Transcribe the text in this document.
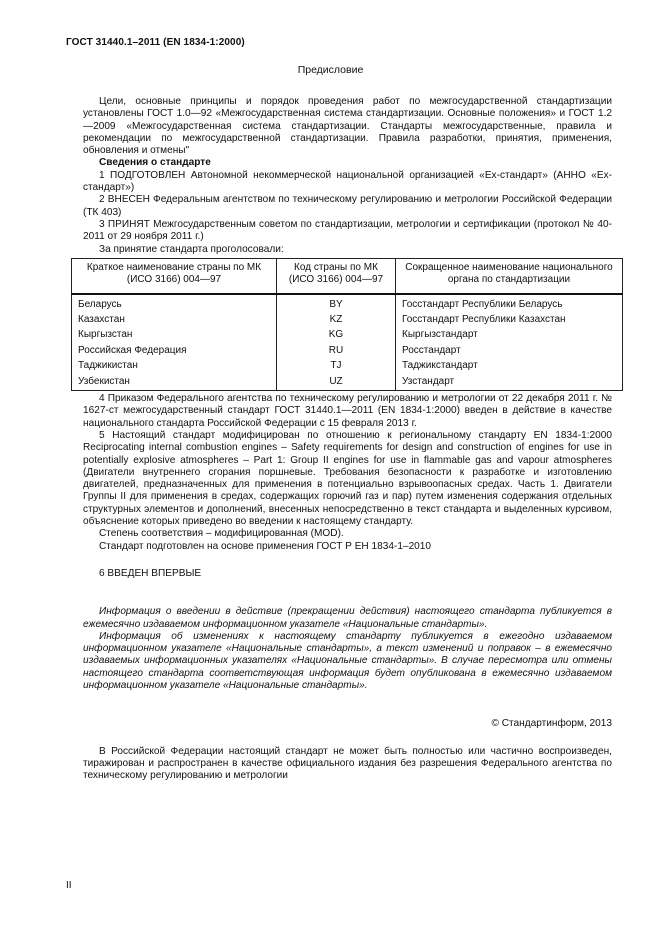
ГОСТ 31440.1–2011 (EN 1834-1:2000)
Предисловие

Цели, основные принципы и порядок проведения работ по межгосударственной стандартизации установлены ГОСТ 1.0—92 «Межгосударственная система стандартизации. Основные положения» и ГОСТ 1.2—2009 «Межгосударственная система стандартизации. Стандарты межгосударственные, правила и рекомендации по межгосударственной стандартизации. Правила разработки, принятия, применения, обновления и отмены"

Сведения о стандарте

1 ПОДГОТОВЛЕН Автономной некоммерческой национальной организацией «Ех-стандарт» (АННО «Ех-стандарт»)

2 ВНЕСЕН Федеральным агентством по техническому регулированию и метрологии Российской Федерации (ТК 403)

3 ПРИНЯТ Межгосударственным советом по стандартизации, метрологии и сертификации (протокол № 40-2011 от 29 ноября 2011 г.)

За принятие стандарта проголосовали:

Краткое наименование страны по МК (ИСО 3166) 004—97	Код страны по МК (ИСО 3166) 004—97	Сокращенное наименование национального органа по стандартизации
Беларусь	BY	Госстандарт Республики Беларусь
Казахстан	KZ	Госстандарт Республики Казахстан
Кыргызстан	KG	Кыргызстандарт
Российская Федерация	RU	Росстандарт
Таджикистан	TJ	Таджикстандарт
Узбекистан	UZ	Узстандарт

4 Приказом Федерального агентства по техническому регулированию и метрологии от 22 декабря 2011 г. № 1627-ст межгосударственный стандарт ГОСТ 31440.1—2011 (EN 1834-1:2000) введен в действие в качестве национального стандарта Российской Федерации с 15 февраля 2013 г.

5 Настоящий стандарт модифицирован по отношению к региональному стандарту EN 1834-1:2000 Reciprocating internal combustion engines – Safety requirements for design and construction of engines for use in potentially explosive atmospheres – Part 1: Group II engines for use in flammable gas and vapour atmospheres (Двигатели внутреннего сгорания поршневые. Требования безопасности к разработке и изготовлению двигателей, предназначенных для применения в потенциально взрывоопасных средах. Часть 1. Двигатели Группы II для применения в средах, содержащих горючий газ и пар) путем изменения содержания отдельных структурных элементов и дополнений, внесенных непосредственно в текст стандарта и выделенных курсивом, объяснение которых приведено во введении к настоящему стандарту.

Степень соответствия – модифицированная (MOD).

Стандарт подготовлен на основе применения ГОСТ Р ЕН 1834-1–2010

6 ВВЕДЕН ВПЕРВЫЕ

Информация о введении в действие (прекращении действия) настоящего стандарта публикуется в ежемесячно издаваемом информационном указателе «Национальные стандарты».

Информация об изменениях к настоящему стандарту публикуется в ежегодно издаваемом информационном указателе «Национальные стандарты», а текст изменений и поправок – в ежемесячно издаваемых информационных указателях «Национальные стандарты». В случае пересмотра или отмены настоящего стандарта соответствующая информация будет опубликована в ежемесячно издаваемом информационном указателе «Национальные стандарты».

© Стандартинформ, 2013

В Российской Федерации настоящий стандарт не может быть полностью или частично воспроизведен, тиражирован и распространен в качестве официального издания без разрешения Федерального агентства по техническому регулированию и метрологии

II
